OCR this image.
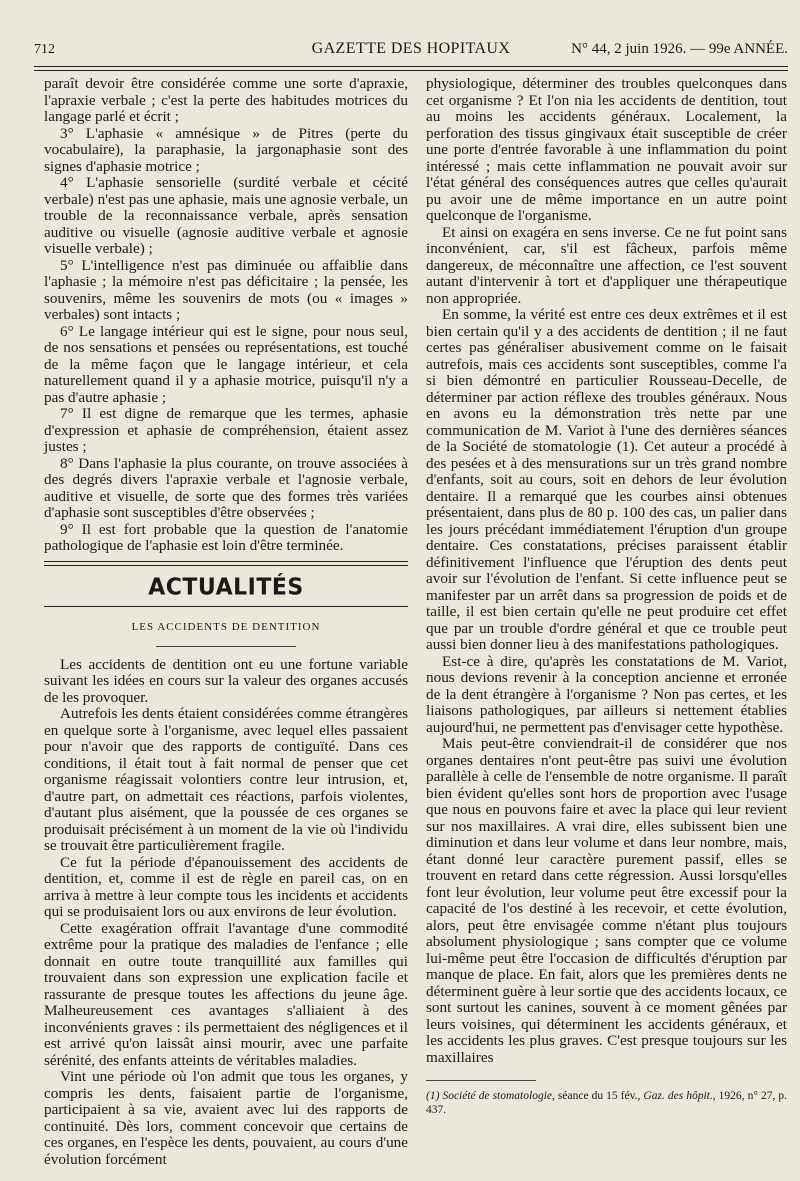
712	GAZETTE DES HOPITAUX	N° 44, 2 juin 1926. — 99e ANNÉE.

paraît devoir être considérée comme une sorte d'apraxie, l'apraxie verbale ; c'est la perte des habitudes motrices du langage parlé et écrit ;

3° L'aphasie « amnésique » de Pitres (perte du vocabulaire), la paraphasie, la jargonaphasie sont des signes d'aphasie motrice ;

4° L'aphasie sensorielle (surdité verbale et cécité verbale) n'est pas une aphasie, mais une agnosie verbale, un trouble de la reconnaissance verbale, après sensation auditive ou visuelle (agnosie auditive verbale et agnosie visuelle verbale) ;

5° L'intelligence n'est pas diminuée ou affaiblie dans l'aphasie ; la mémoire n'est pas déficitaire ; la pensée, les souvenirs, même les souvenirs de mots (ou « images » verbales) sont intacts ;

6° Le langage intérieur qui est le signe, pour nous seul, de nos sensations et pensées ou représentations, est touché de la même façon que le langage intérieur, et cela naturellement quand il y a aphasie motrice, puisqu'il n'y a pas d'autre aphasie ;

7° Il est digne de remarque que les termes, aphasie d'expression et aphasie de compréhension, étaient assez justes ;

8° Dans l'aphasie la plus courante, on trouve associées à des degrés divers l'apraxie verbale et l'agnosie verbale, auditive et visuelle, de sorte que des formes très variées d'aphasie sont susceptibles d'être observées ;

9° Il est fort probable que la question de l'anatomie pathologique de l'aphasie est loin d'être terminée.

ACTUALITÉS
LES ACCIDENTS DE DENTITION

Les accidents de dentition ont eu une fortune variable suivant les idées en cours sur la valeur des organes accusés de les provoquer.

Autrefois les dents étaient considérées comme étrangères en quelque sorte à l'organisme, avec lequel elles passaient pour n'avoir que des rapports de contiguïté. Dans ces conditions, il était tout à fait normal de penser que cet organisme réagissait volontiers contre leur intrusion, et, d'autre part, on admettait ces réactions, parfois violentes, d'autant plus aisément, que la poussée de ces organes se produisait précisément à un moment de la vie où l'individu se trouvait être particulièrement fragile.

Ce fut la période d'épanouissement des accidents de dentition, et, comme il est de règle en pareil cas, on en arriva à mettre à leur compte tous les incidents et accidents qui se produisaient lors ou aux environs de leur évolution.

Cette exagération offrait l'avantage d'une commodité extrême pour la pratique des maladies de l'enfance ; elle donnait en outre toute tranquillité aux familles qui trouvaient dans son expression une explication facile et rassurante de presque toutes les affections du jeune âge. Malheureusement ces avantages s'alliaient à des inconvénients graves : ils permettaient des négligences et il est arrivé qu'on laissât ainsi mourir, avec une parfaite sérénité, des enfants atteints de véritables maladies.

Vint une période où l'on admit que tous les organes, y compris les dents, faisaient partie de l'organisme, participaient à sa vie, avaient avec lui des rapports de continuité. Dès lors, comment concevoir que certains de ces organes, en l'espèce les dents, pouvaient, au cours d'une évolution forcément

physiologique, déterminer des troubles quelconques dans cet organisme ? Et l'on nia les accidents de dentition, tout au moins les accidents généraux. Localement, la perforation des tissus gingivaux était susceptible de créer une porte d'entrée favorable à une inflammation du point intéressé ; mais cette inflammation ne pouvait avoir sur l'état général des conséquences autres que celles qu'aurait pu avoir une de même importance en un autre point quelconque de l'organisme.

Et ainsi on exagéra en sens inverse. Ce ne fut point sans inconvénient, car, s'il est fâcheux, parfois même dangereux, de méconnaître une affection, ce l'est souvent autant d'intervenir à tort et d'appliquer une thérapeutique non appropriée.

En somme, la vérité est entre ces deux extrêmes et il est bien certain qu'il y a des accidents de dentition ; il ne faut certes pas généraliser abusivement comme on le faisait autrefois, mais ces accidents sont susceptibles, comme l'a si bien démontré en particulier Rousseau-Decelle, de déterminer par action réflexe des troubles généraux. Nous en avons eu la démonstration très nette par une communication de M. Variot à l'une des dernières séances de la Société de stomatologie (1). Cet auteur a procédé à des pesées et à des mensurations sur un très grand nombre d'enfants, soit au cours, soit en dehors de leur évolution dentaire. Il a remarqué que les courbes ainsi obtenues présentaient, dans plus de 80 p. 100 des cas, un palier dans les jours précédant immédiatement l'éruption d'un groupe dentaire. Ces constatations, précises paraissent établir définitivement l'influence que l'éruption des dents peut avoir sur l'évolution de l'enfant. Si cette influence peut se manifester par un arrêt dans sa progression de poids et de taille, il est bien certain qu'elle ne peut produire cet effet que par un trouble d'ordre général et que ce trouble peut aussi bien donner lieu à des manifestations pathologiques.

Est-ce à dire, qu'après les constatations de M. Variot, nous devions revenir à la conception ancienne et erronée de la dent étrangère à l'organisme ? Non pas certes, et les liaisons pathologiques, par ailleurs si nettement établies aujourd'hui, ne permettent pas d'envisager cette hypothèse.

Mais peut-être conviendrait-il de considérer que nos organes dentaires n'ont peut-être pas suivi une évolution parallèle à celle de l'ensemble de notre organisme. Il paraît bien évident qu'elles sont hors de proportion avec l'usage que nous en pouvons faire et avec la place qui leur revient sur nos maxillaires. A vrai dire, elles subissent bien une diminution et dans leur volume et dans leur nombre, mais, étant donné leur caractère purement passif, elles se trouvent en retard dans cette régression. Aussi lorsqu'elles font leur évolution, leur volume peut être excessif pour la capacité de l'os destiné à les recevoir, et cette évolution, alors, peut être envisagée comme n'étant plus toujours absolument physiologique ; sans compter que ce volume lui-même peut être l'occasion de difficultés d'éruption par manque de place. En fait, alors que les premières dents ne déterminent guère à leur sortie que des accidents locaux, ce sont surtout les canines, souvent à ce moment gênées par leurs voisines, qui déterminent les accidents généraux, et les accidents les plus graves. C'est presque toujours sur les maxillaires

(1) Société de stomatologie, séance du 15 fév., Gaz. des hôpit., 1926, n° 27, p. 437.
